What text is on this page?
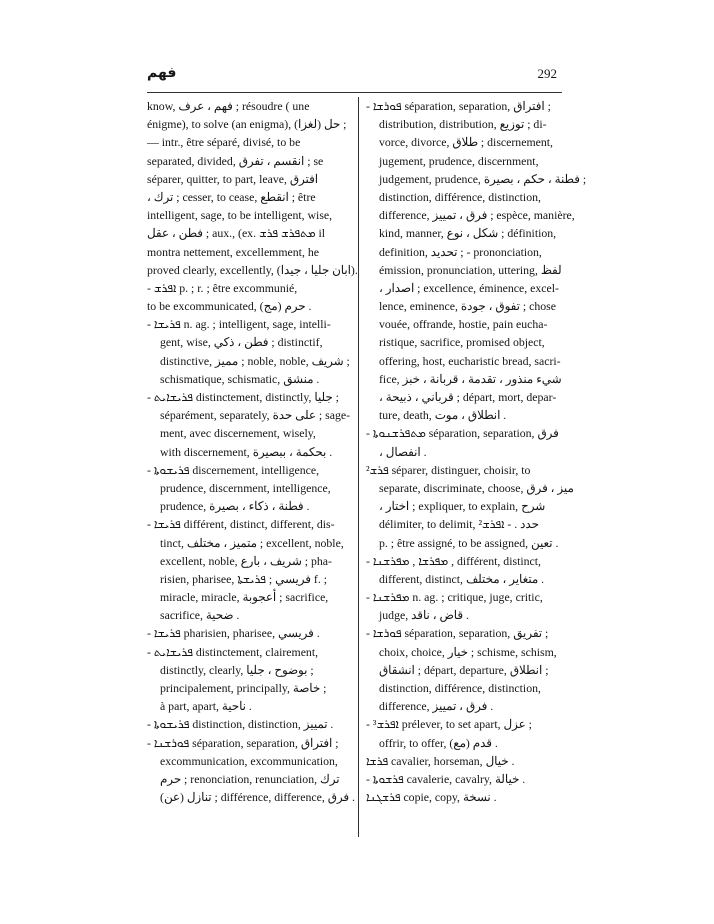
فهم	292
know, فهم ، عرف ; résoudre ( une
énigme), to solve (an enigma), (حل (لغزا ;
— intr., être séparé, divisé, to be
separated, divided, انقسم ، تفرق ; se
séparer, quitter, to part, leave, افترق
، ترك ; cesser, to cease, انقطع ; être
intelligent, sage, to be intelligent, wise,
فطن ، عقل ; aux., (ex. ܡܬܦܪܫ ܦܪܫ il
montra nettement, excellemment, he
proved clearly, excellently, (ابان جليا ، جيدا).
- ܐܦܪܫ p. ; r. ; être excommunié,
to be excommunicated, (مج) حرم .
- ܦܪܝܫܐ n. ag. ; intelligent, sage, intelli-
gent, wise, فطن ، ذكي ; distinctif,
distinctive, مميز ; noble, noble, شريف ;
schismatique, schismatic, منشق .
- ܦܪܝܫܐܝܬ distinctement, distinctly, جليا ;
séparément, separately, على حدة ; sage-
ment, avec discernement, wisely,
with discernement, بحكمة ، ببصيرة .
- ܦܪܝܫܘܬܐ discernement, intelligence,
prudence, discernment, intelligence,
prudence, فطنة ، ذكاء ، بصيرة .
- ܦܪܝܫܐ différent, distinct, different, dis-
tinct, متميز ، مختلف ; excellent, noble,
excellent, noble, شريف ، بارع ; pha-
risien, pharisee, فريسي ; ܦܪܝܫܬܐ f. ;
miracle, miracle, أعجوبة ; sacrifice,
sacrifice, ضحية .
- ܦܪܝܫܐ pharisien, pharisee, فريسي .
- ܦܪܝܫܐܝܬ distinctement, clairement,
distinctly, clearly, بوضوح ، جليا ;
principalement, principally, خاصة ;
à part, apart, ناحية .
- ܦܪܝܫܘܬܐ distinction, distinction, تمييز .
- ܦܘܪܫܢܐ séparation, separation, افتراق ;
excommunication, excommunication,
حرم ; renonciation, renunciation, ترك
(عن) تنازل ; différence, difference, فرق .
- ܦܘܪܫܐ séparation, separation, افتراق ;
distribution, distribution, توزيع ; di-
vorce, divorce, طلاق ; discernement,
jugement, prudence, discernment,
judgement, prudence, فطنة ، حكم ، بصيرة ;
distinction, différence, distinction,
difference, فرق ، تمييز ; espèce, manière,
kind, manner, شكل ، نوع ; définition,
definition, تحديد ; - prononciation,
émission, pronunciation, uttering, لفظ
، اصدار ; excellence, éminence, excel-
lence, eminence, تفوق ، جودة ; chose
vouée, offrande, hostie, pain eucha-
ristique, sacrifice, promised object,
offering, host, eucharistic bread, sacri-
fice, شيء منذور ، تقدمة ، قربانة ، خبز
، قرباني ، ذبيحة ; départ, mort, depar-
ture, death, انطلاق ، موت .
- ܡܬܦܪܫܢܘܬܐ séparation, separation, فرق
، انفصال .
ܦܪܫ² séparer, distinguer, choisir, to
separate, discriminate, choose, ميز ، فرق
، اختار ; expliquer, to explain, شرح
délimiter, to delimit, حدد . - ܐܦܪܫ²
p. ; être assigné, to be assigned, تعين .
- ܡܦܪܫܐ , ܡܦܪܫܢܐ , différent, distinct,
different, distinct, متغاير ، مختلف .
- ܡܦܪܫܢܐ n. ag. ; critique, juge, critic,
judge, قاض ، ناقد .
- ܦܘܪܫܐ séparation, separation, تفريق ;
choix, choice, خيار ; schisme, schism,
انشقاق ; départ, departure, انطلاق ;
distinction, différence, distinction,
difference, فرق ، تمييز .
- ܐܦܪܫ³ prélever, to set apart, عزل ;
offrir, to offer, (مع) قدم .
ܦܪܫܐ cavalier, horseman, خيال .
- ܦܪܫܘܬܐ cavalerie, cavalry, خيالة .
ܦܪܫܓܢܐ copie, copy, نسخة .
